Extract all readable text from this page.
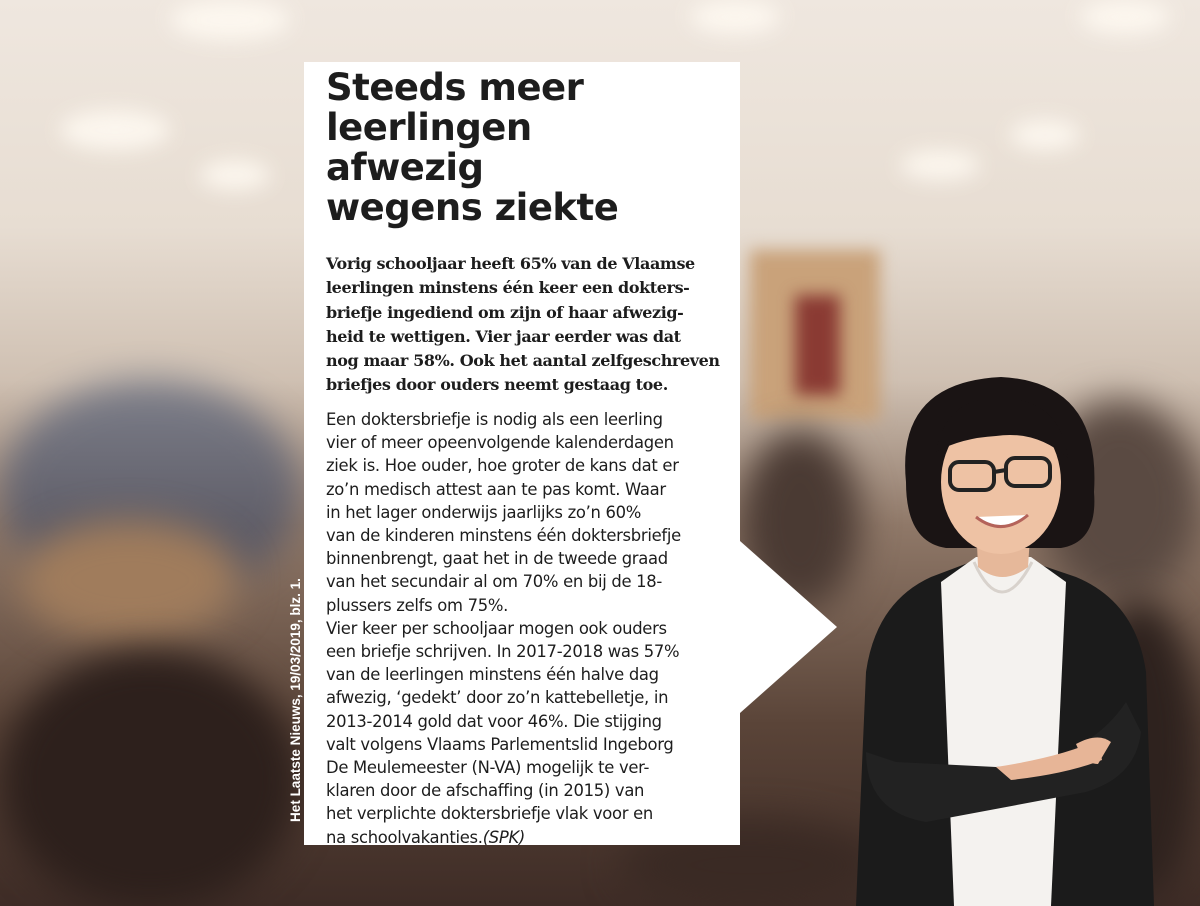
Steeds meer
leerlingen
afwezig
wegens ziekte
Vorig schooljaar heeft 65% van de Vlaamse
leerlingen minstens één keer een dokters-
briefje ingediend om zijn of haar afwezig-
heid te wettigen. Vier jaar eerder was dat
nog maar 58%. Ook het aantal zelfgeschreven
briefjes door ouders neemt gestaag toe.
Een doktersbriefje is nodig als een leerling
vier of meer opeenvolgende kalenderdagen
ziek is. Hoe ouder, hoe groter de kans dat er
zo’n medisch attest aan te pas komt. Waar
in het lager onderwijs jaarlijks zo’n 60%
van de kinderen minstens één doktersbriefje
binnenbrengt, gaat het in de tweede graad
van het secundair al om 70% en bij de 18-
plussers zelfs om 75%.
Vier keer per schooljaar mogen ook ouders
een briefje schrijven. In 2017-2018 was 57%
van de leerlingen minstens één halve dag
afwezig, ‘gedekt’ door zo’n kattebelletje, in
2013-2014 gold dat voor 46%. Die stijging
valt volgens Vlaams Parlementslid Ingeborg
De Meulemeester (N-VA) mogelijk te ver-
klaren door de afschaffing (in 2015) van
het verplichte doktersbriefje vlak voor en
na schoolvakanties.(SPK)
Het Laatste Nieuws, 19/03/2019, blz. 1.
